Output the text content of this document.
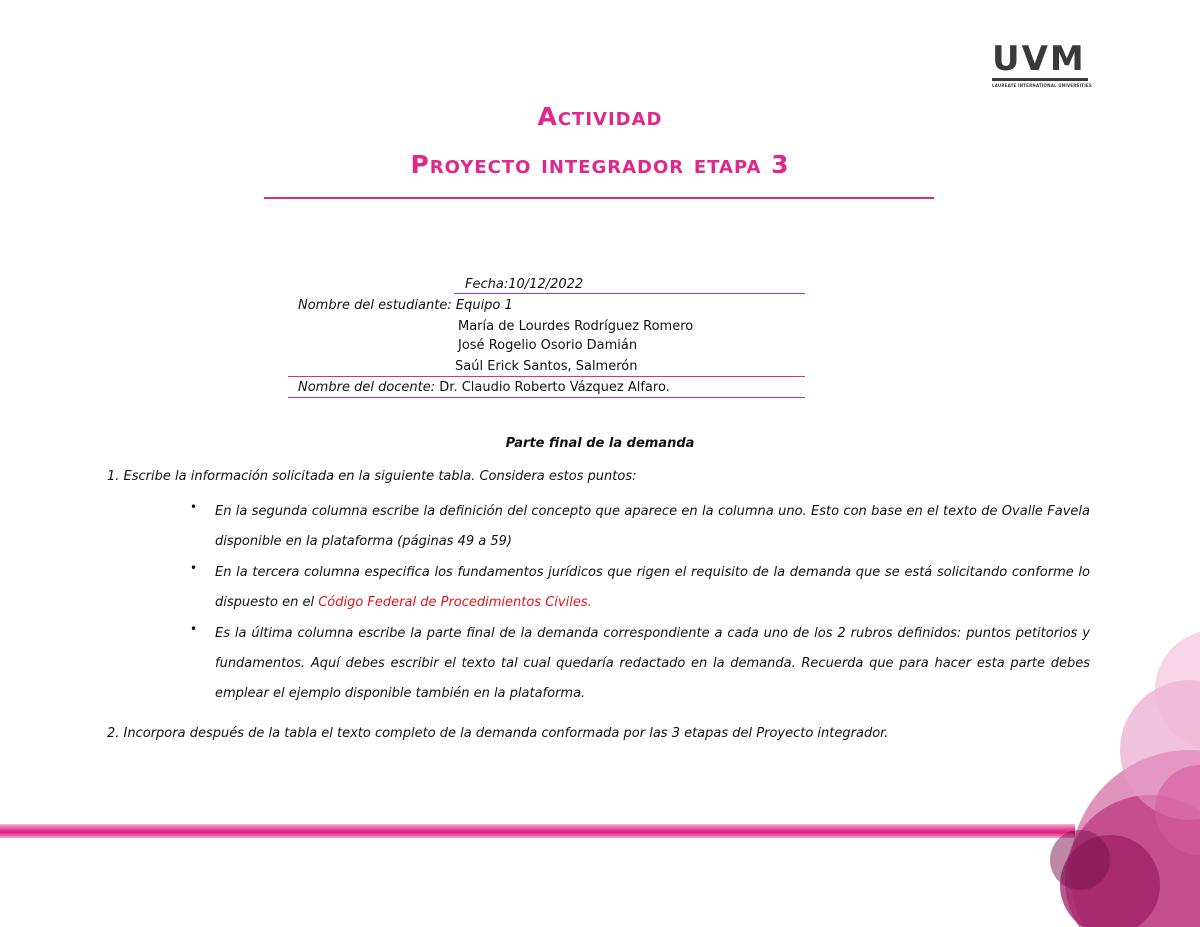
UVM
LAUREATE INTERNATIONAL UNIVERSITIES
Actividad
Proyecto integrador etapa 3
Fecha:10/12/2022
Nombre del estudiante: Equipo 1
María de Lourdes Rodríguez Romero
José Rogelio Osorio Damián
Saúl Erick Santos, Salmerón
Nombre del docente: Dr. Claudio Roberto Vázquez Alfaro.
Parte final de la demanda
1. Escribe la información solicitada en la siguiente tabla. Considera estos puntos:
• En la segunda columna escribe la definición del concepto que aparece en la columna uno. Esto con base en el texto de Ovalle Favela disponible en la plataforma (páginas 49 a 59)
• En la tercera columna especifica los fundamentos jurídicos que rigen el requisito de la demanda que se está solicitando conforme lo dispuesto en el Código Federal de Procedimientos Civiles.
• Es la última columna escribe la parte final de la demanda correspondiente a cada uno de los 2 rubros definidos: puntos petitorios y fundamentos. Aquí debes escribir el texto tal cual quedaría redactado en la demanda. Recuerda que para hacer esta parte debes emplear el ejemplo disponible también en la plataforma.
2. Incorpora después de la tabla el texto completo de la demanda conformada por las 3 etapas del Proyecto integrador.
